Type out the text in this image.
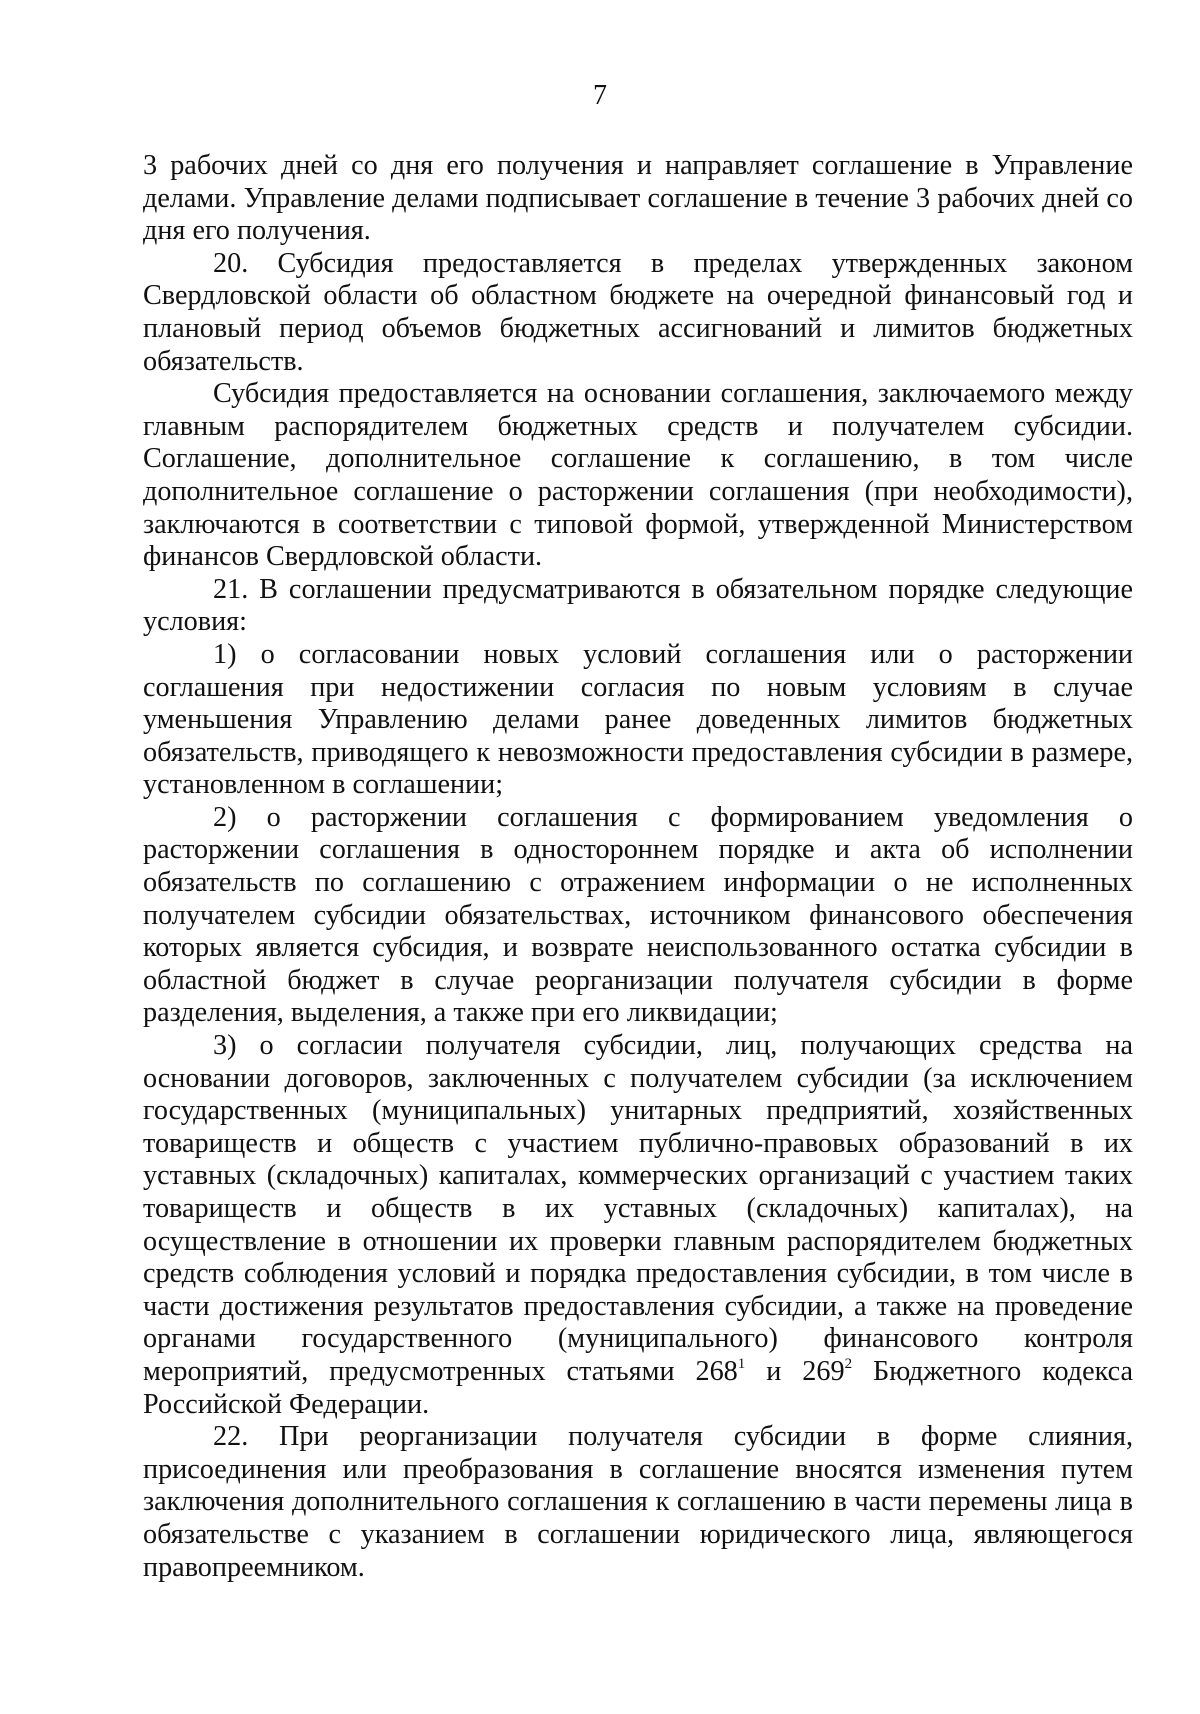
7

3 рабочих дней со дня его получения и направляет соглашение в Управление делами. Управление делами подписывает соглашение в течение 3 рабочих дней со дня его получения.

20. Субсидия предоставляется в пределах утвержденных законом Свердловской области об областном бюджете на очередной финансовый год и плановый период объемов бюджетных ассигнований и лимитов бюджетных обязательств.

Субсидия предоставляется на основании соглашения, заключаемого между главным распорядителем бюджетных средств и получателем субсидии. Соглашение, дополнительное соглашение к соглашению, в том числе дополнительное соглашение о расторжении соглашения (при необходимости), заключаются в соответствии с типовой формой, утвержденной Министерством финансов Свердловской области.

21. В соглашении предусматриваются в обязательном порядке следующие условия:

1) о согласовании новых условий соглашения или о расторжении соглашения при недостижении согласия по новым условиям в случае уменьшения Управлению делами ранее доведенных лимитов бюджетных обязательств, приводящего к невозможности предоставления субсидии в размере, установленном в соглашении;

2) о расторжении соглашения с формированием уведомления о расторжении соглашения в одностороннем порядке и акта об исполнении обязательств по соглашению с отражением информации о не исполненных получателем субсидии обязательствах, источником финансового обеспечения которых является субсидия, и возврате неиспользованного остатка субсидии в областной бюджет в случае реорганизации получателя субсидии в форме разделения, выделения, а также при его ликвидации;

3) о согласии получателя субсидии, лиц, получающих средства на основании договоров, заключенных с получателем субсидии (за исключением государственных (муниципальных) унитарных предприятий, хозяйственных товариществ и обществ с участием публично-правовых образований в их уставных (складочных) капиталах, коммерческих организаций с участием таких товариществ и обществ в их уставных (складочных) капиталах), на осуществление в отношении их проверки главным распорядителем бюджетных средств соблюдения условий и порядка предоставления субсидии, в том числе в части достижения результатов предоставления субсидии, а также на проведение органами государственного (муниципального) финансового контроля мероприятий, предусмотренных статьями $268^1$ и $269^2$ Бюджетного кодекса Российской Федерации.

22. При реорганизации получателя субсидии в форме слияния, присоединения или преобразования в соглашение вносятся изменения путем заключения дополнительного соглашения к соглашению в части перемены лица в обязательстве с указанием в соглашении юридического лица, являющегося правопреемником.
